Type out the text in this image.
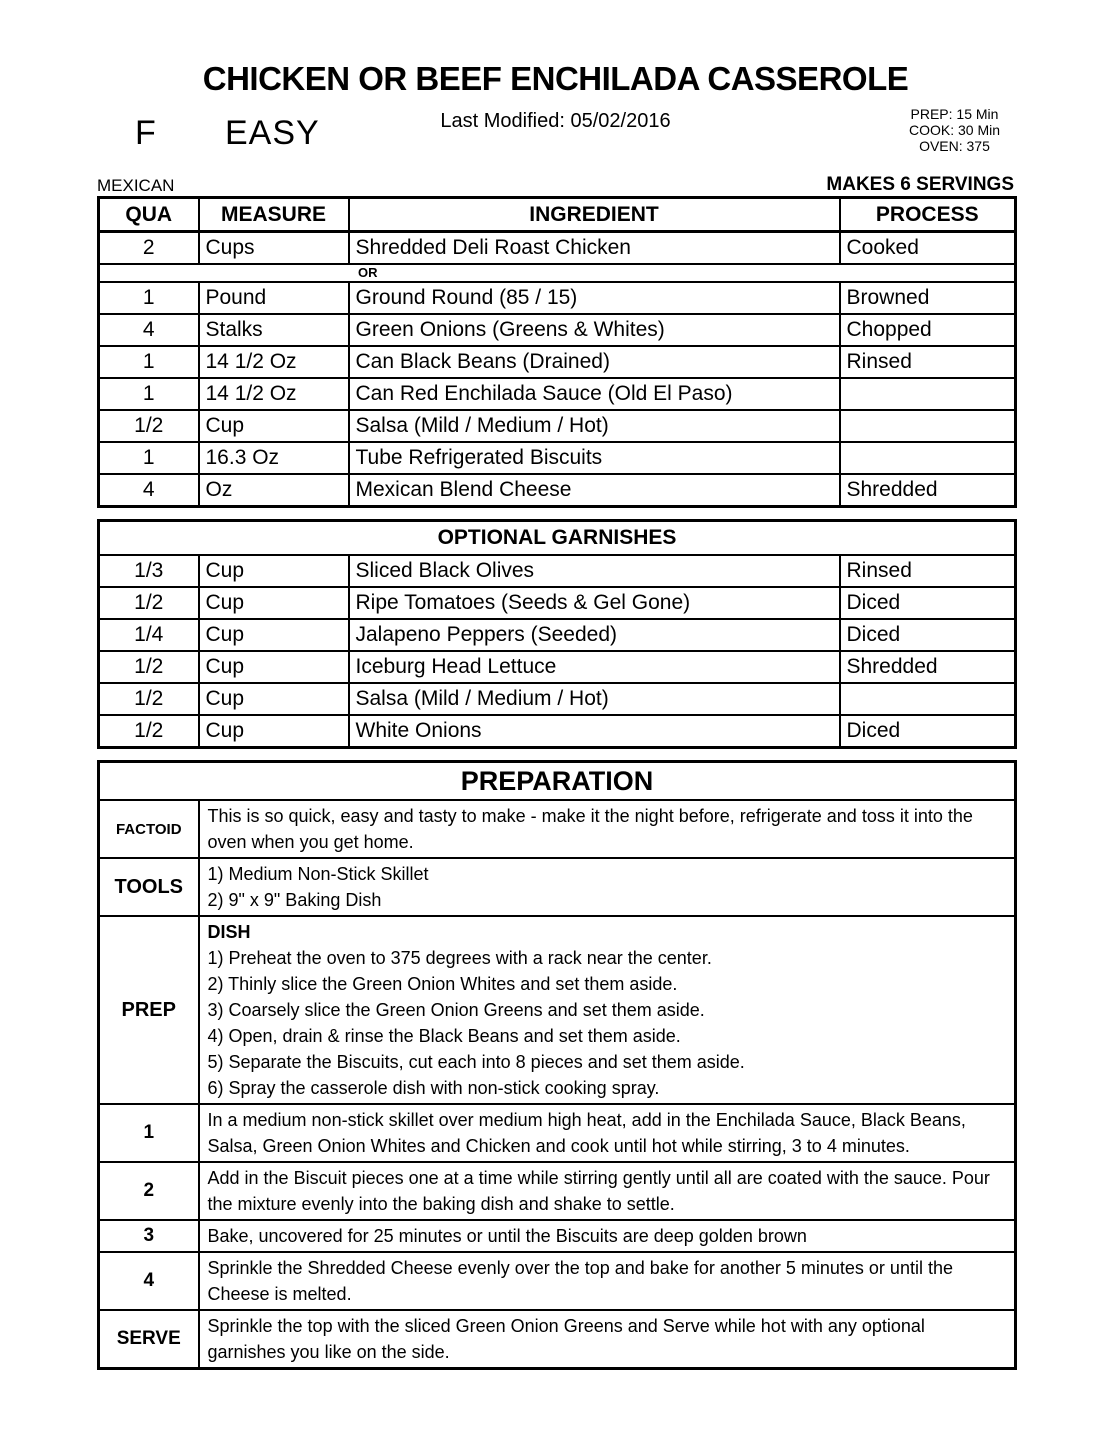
CHICKEN OR BEEF ENCHILADA CASSEROLE
F EASY	Last Modified: 05/02/2016	PREP: 15 Min
COOK: 30 Min
OVEN: 375
MEXICAN	MAKES 6 SERVINGS
QUA	MEASURE	INGREDIENT	PROCESS
2	Cups	Shredded Deli Roast Chicken	Cooked
OR			
1	Pound	Ground Round (85 / 15)	Browned
4	Stalks	Green Onions (Greens & Whites)	Chopped
1	14 1/2 Oz	Can Black Beans (Drained)	Rinsed
1	14 1/2 Oz	Can Red Enchilada Sauce (Old El Paso)	
1/2	Cup	Salsa (Mild / Medium / Hot)	
1	16.3 Oz	Tube Refrigerated Biscuits	
4	Oz	Mexican Blend Cheese	Shredded
OPTIONAL GARNISHES			
1/3	Cup	Sliced Black Olives	Rinsed
1/2	Cup	Ripe Tomatoes (Seeds & Gel Gone)	Diced
1/4	Cup	Jalapeno Peppers (Seeded)	Diced
1/2	Cup	Iceburg Head Lettuce	Shredded
1/2	Cup	Salsa (Mild / Medium / Hot)	
1/2	Cup	White Onions	Diced
PREPARATION	
FACTOID	This is so quick, easy and tasty to make - make it the night before, refrigerate and toss it into the oven when you get home.
TOOLS	1) Medium Non-Stick Skillet
2) 9" x 9" Baking Dish

PREP	
DISH
1) Preheat the oven to 375 degrees with a rack near the center.
2) Thinly slice the Green Onion Whites and set them aside.
3) Coarsely slice the Green Onion Greens and set them aside.
4) Open, drain & rinse the Black Beans and set them aside.
5) Separate the Biscuits, cut each into 8 pieces and set them aside.
6) Spray the casserole dish with non-stick cooking spray.

1	In a medium non-stick skillet over medium high heat, add in the Enchilada Sauce, Black Beans, Salsa, Green Onion Whites and Chicken and cook until hot while stirring, 3 to 4 minutes.
2	Add in the Biscuit pieces one at a time while stirring gently until all are coated with the sauce. Pour the mixture evenly into the baking dish and shake to settle.
3	Bake, uncovered for 25 minutes or until the Biscuits are deep golden brown
4	Sprinkle the Shredded Cheese evenly over the top and bake for another 5 minutes or until the Cheese is melted.
SERVE	Sprinkle the top with the sliced Green Onion Greens and Serve while hot with any optional garnishes you like on the side.
